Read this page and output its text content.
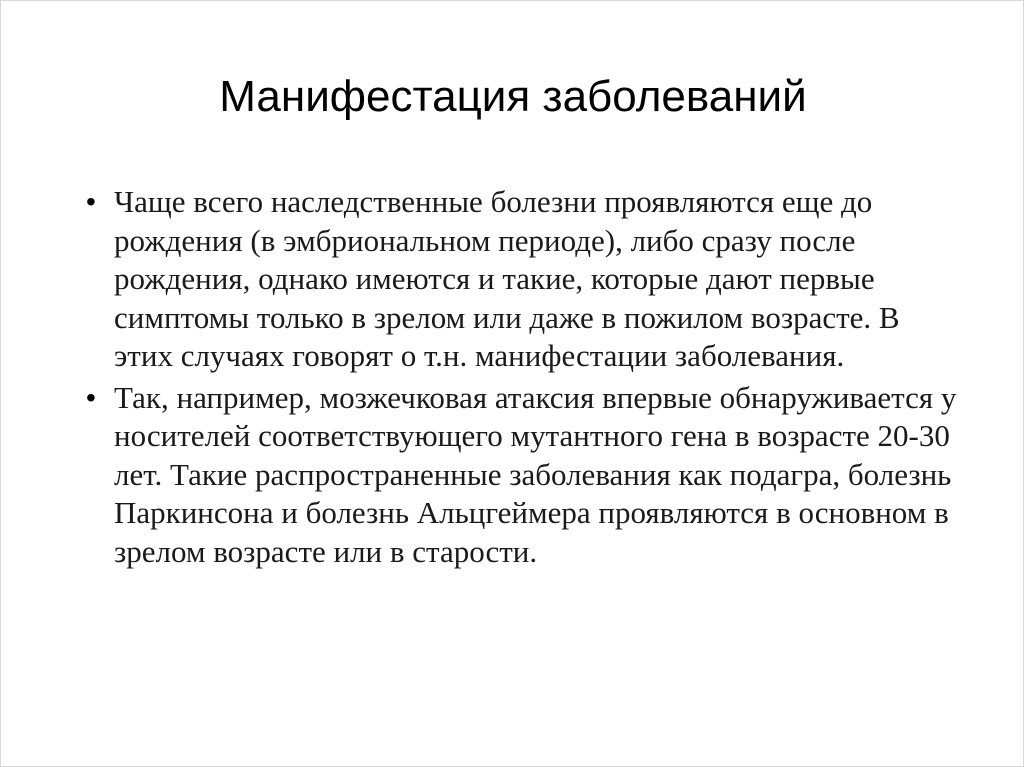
Манифестация заболеваний
• Чаще всего наследственные болезни проявляются еще до рождения (в эмбриональном периоде), либо сразу после рождения, однако имеются и такие, которые дают первые симптомы только в зрелом или даже в пожилом возрасте. В этих случаях говорят о т.н. манифестации заболевания.
• Так, например, мозжечковая атаксия впервые обнаруживается у носителей соответствующего мутантного гена в возрасте 20-30 лет. Такие распространенные заболевания как подагра, болезнь Паркинсона и болезнь Альцгеймера проявляются в основном в зрелом возрасте или в старости.
